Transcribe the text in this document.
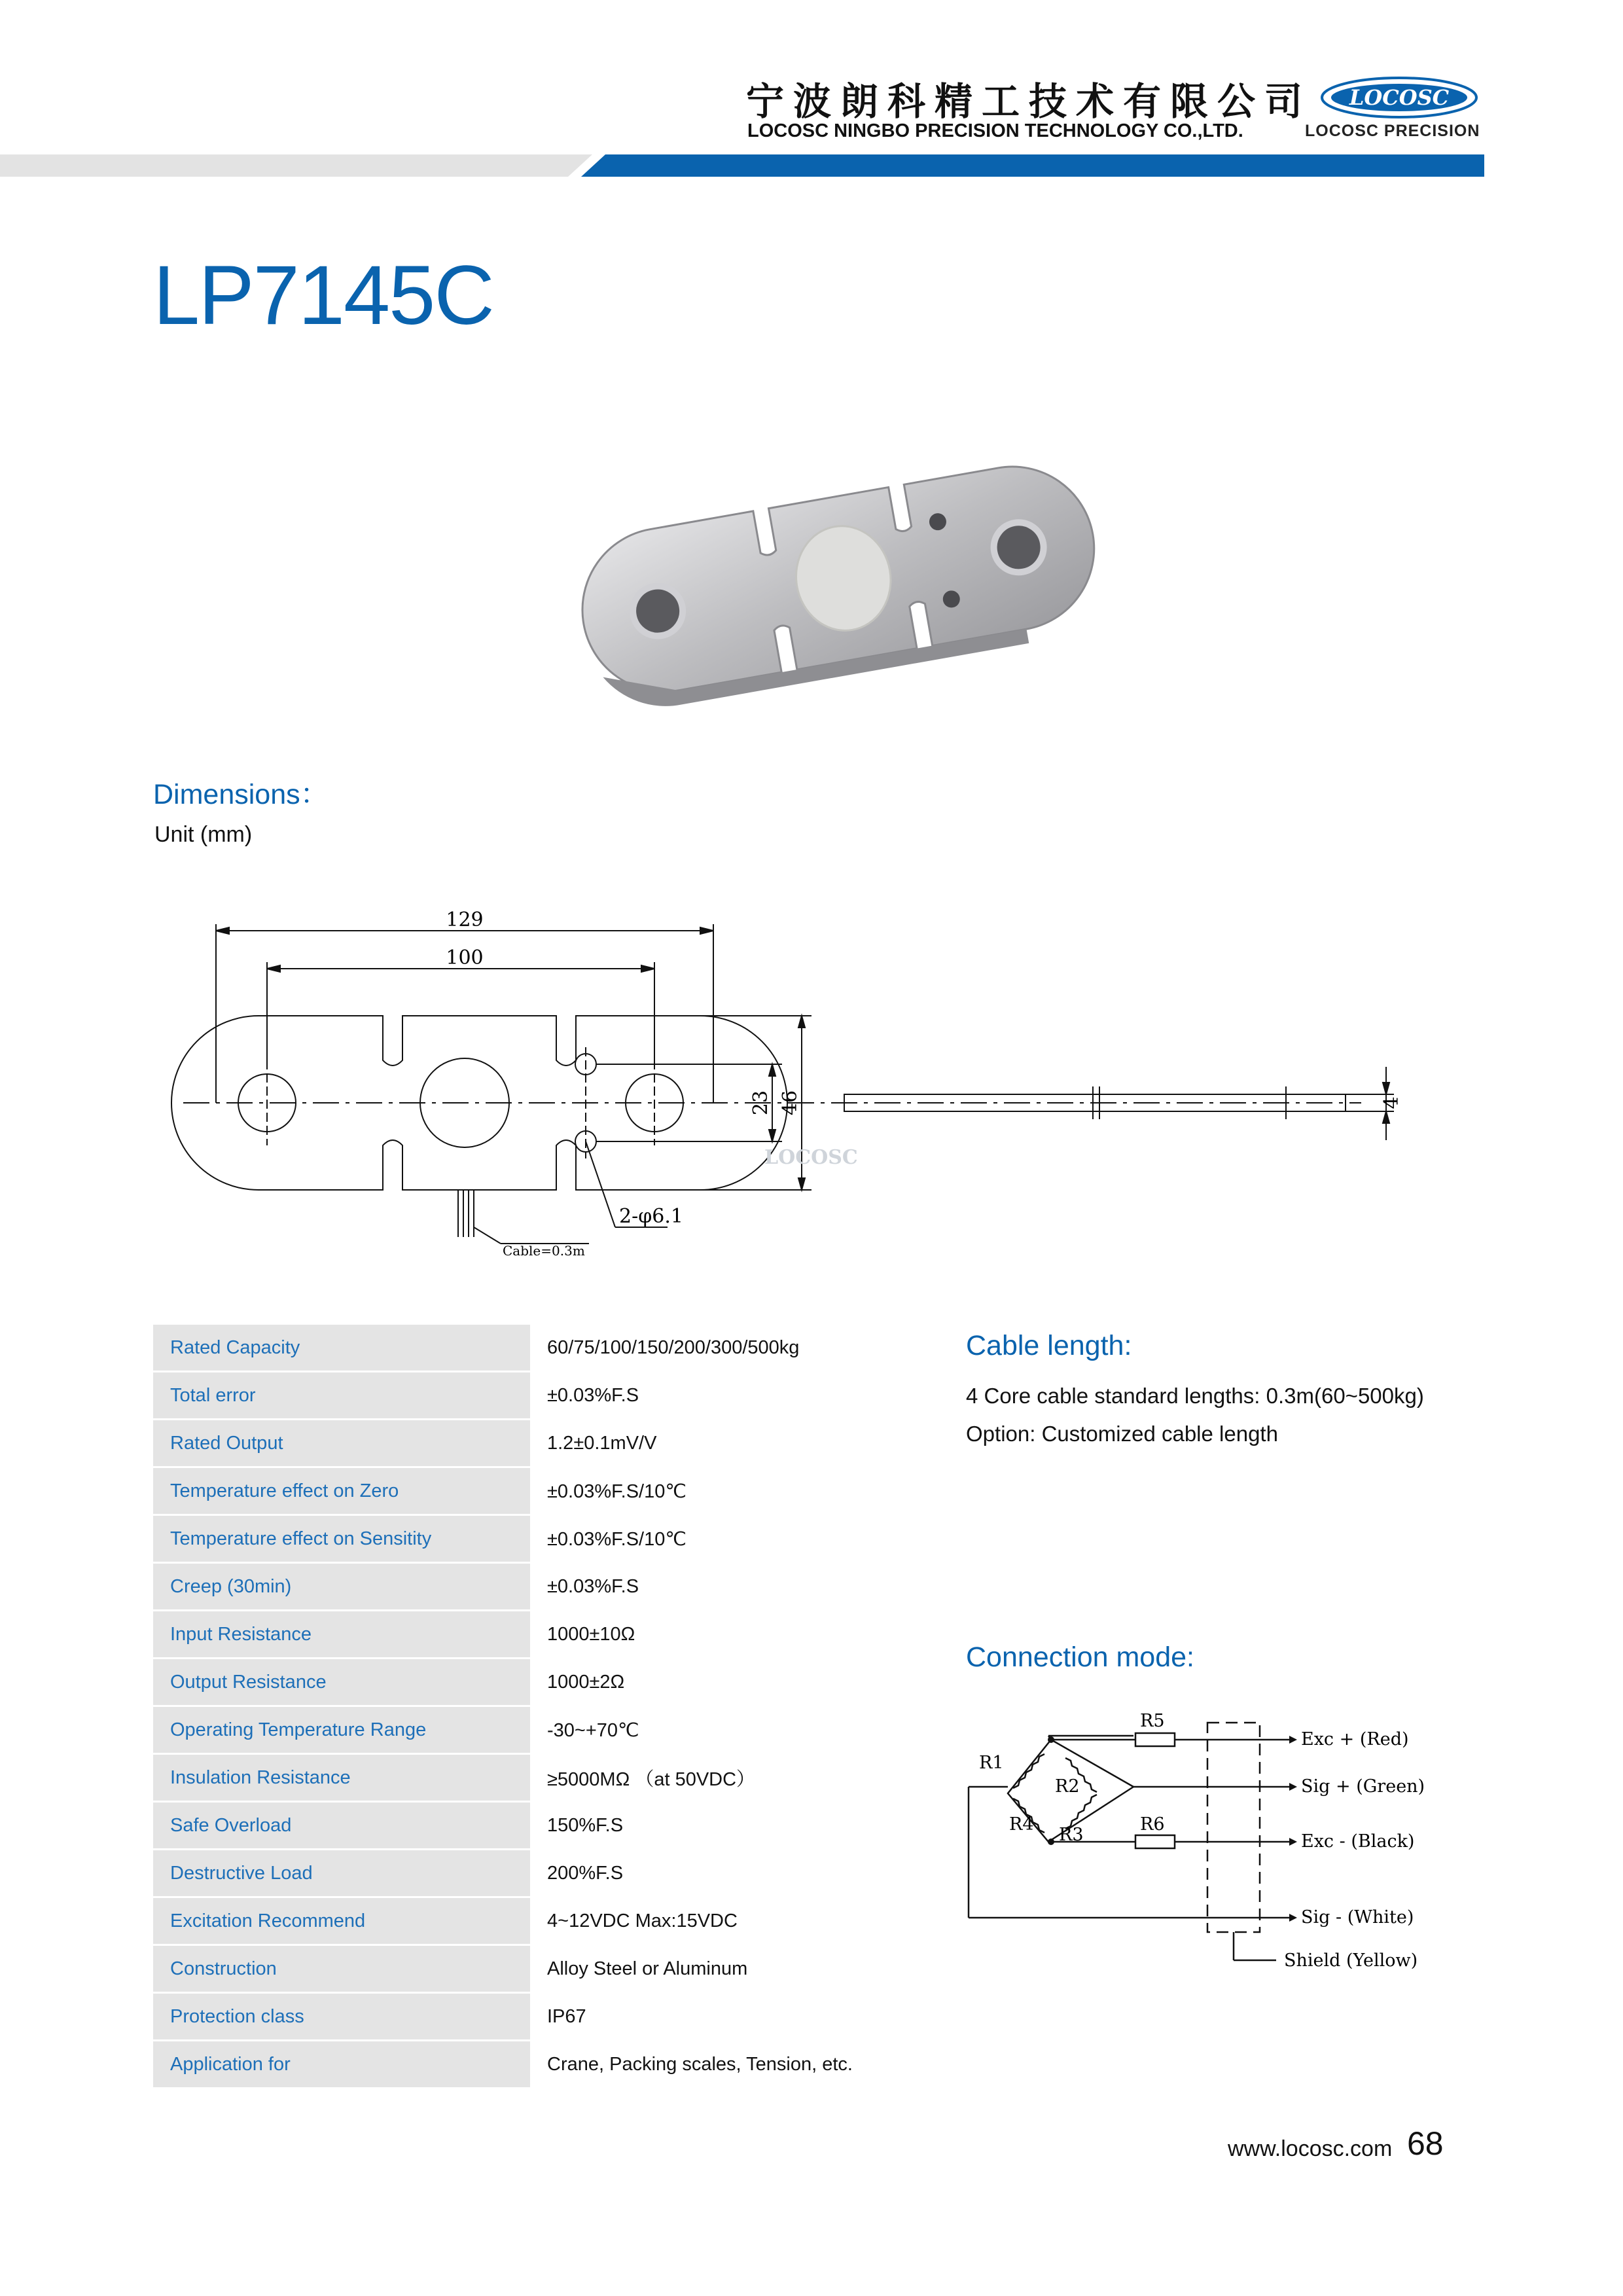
宁波朗科精工技术有限公司
LOCOSC NINGBO PRECISION TECHNOLOGY CO.,LTD.
LOCOSC
LOCOSC PRECISION
LP7145C
Dimensions：
Unit (mm)
129
100
23 46
2-φ6.1
Cable=0.3m
4
LOCOSC
Rated Capacity	60/75/100/150/200/300/500kg
Total error	±0.03%F.S
Rated Output	1.2±0.1mV/V
Temperature effect on Zero	±0.03%F.S/10℃
Temperature effect on Sensitity	±0.03%F.S/10℃
Creep (30min)	±0.03%F.S
Input Resistance	1000±10Ω
Output Resistance	1000±2Ω
Operating Temperature Range	-30~+70℃
Insulation Resistance	≥5000MΩ （at 50VDC）
Safe Overload	150%F.S
Destructive Load	200%F.S
Excitation Recommend	4~12VDC Max:15VDC
Construction	Alloy Steel or Aluminum
Protection class	IP67
Application for	Crane, Packing scales, Tension, etc.
Cable length:
4 Core cable standard lengths: 0.3m(60~500kg)
Option: Customized cable length
Connection mode:
R1
R2
R3
R4
R5
R6
Exc + (Red)
Sig + (Green)
Exc - (Black)
Sig - (White)
Shield (Yellow)
www.locosc.com 68
